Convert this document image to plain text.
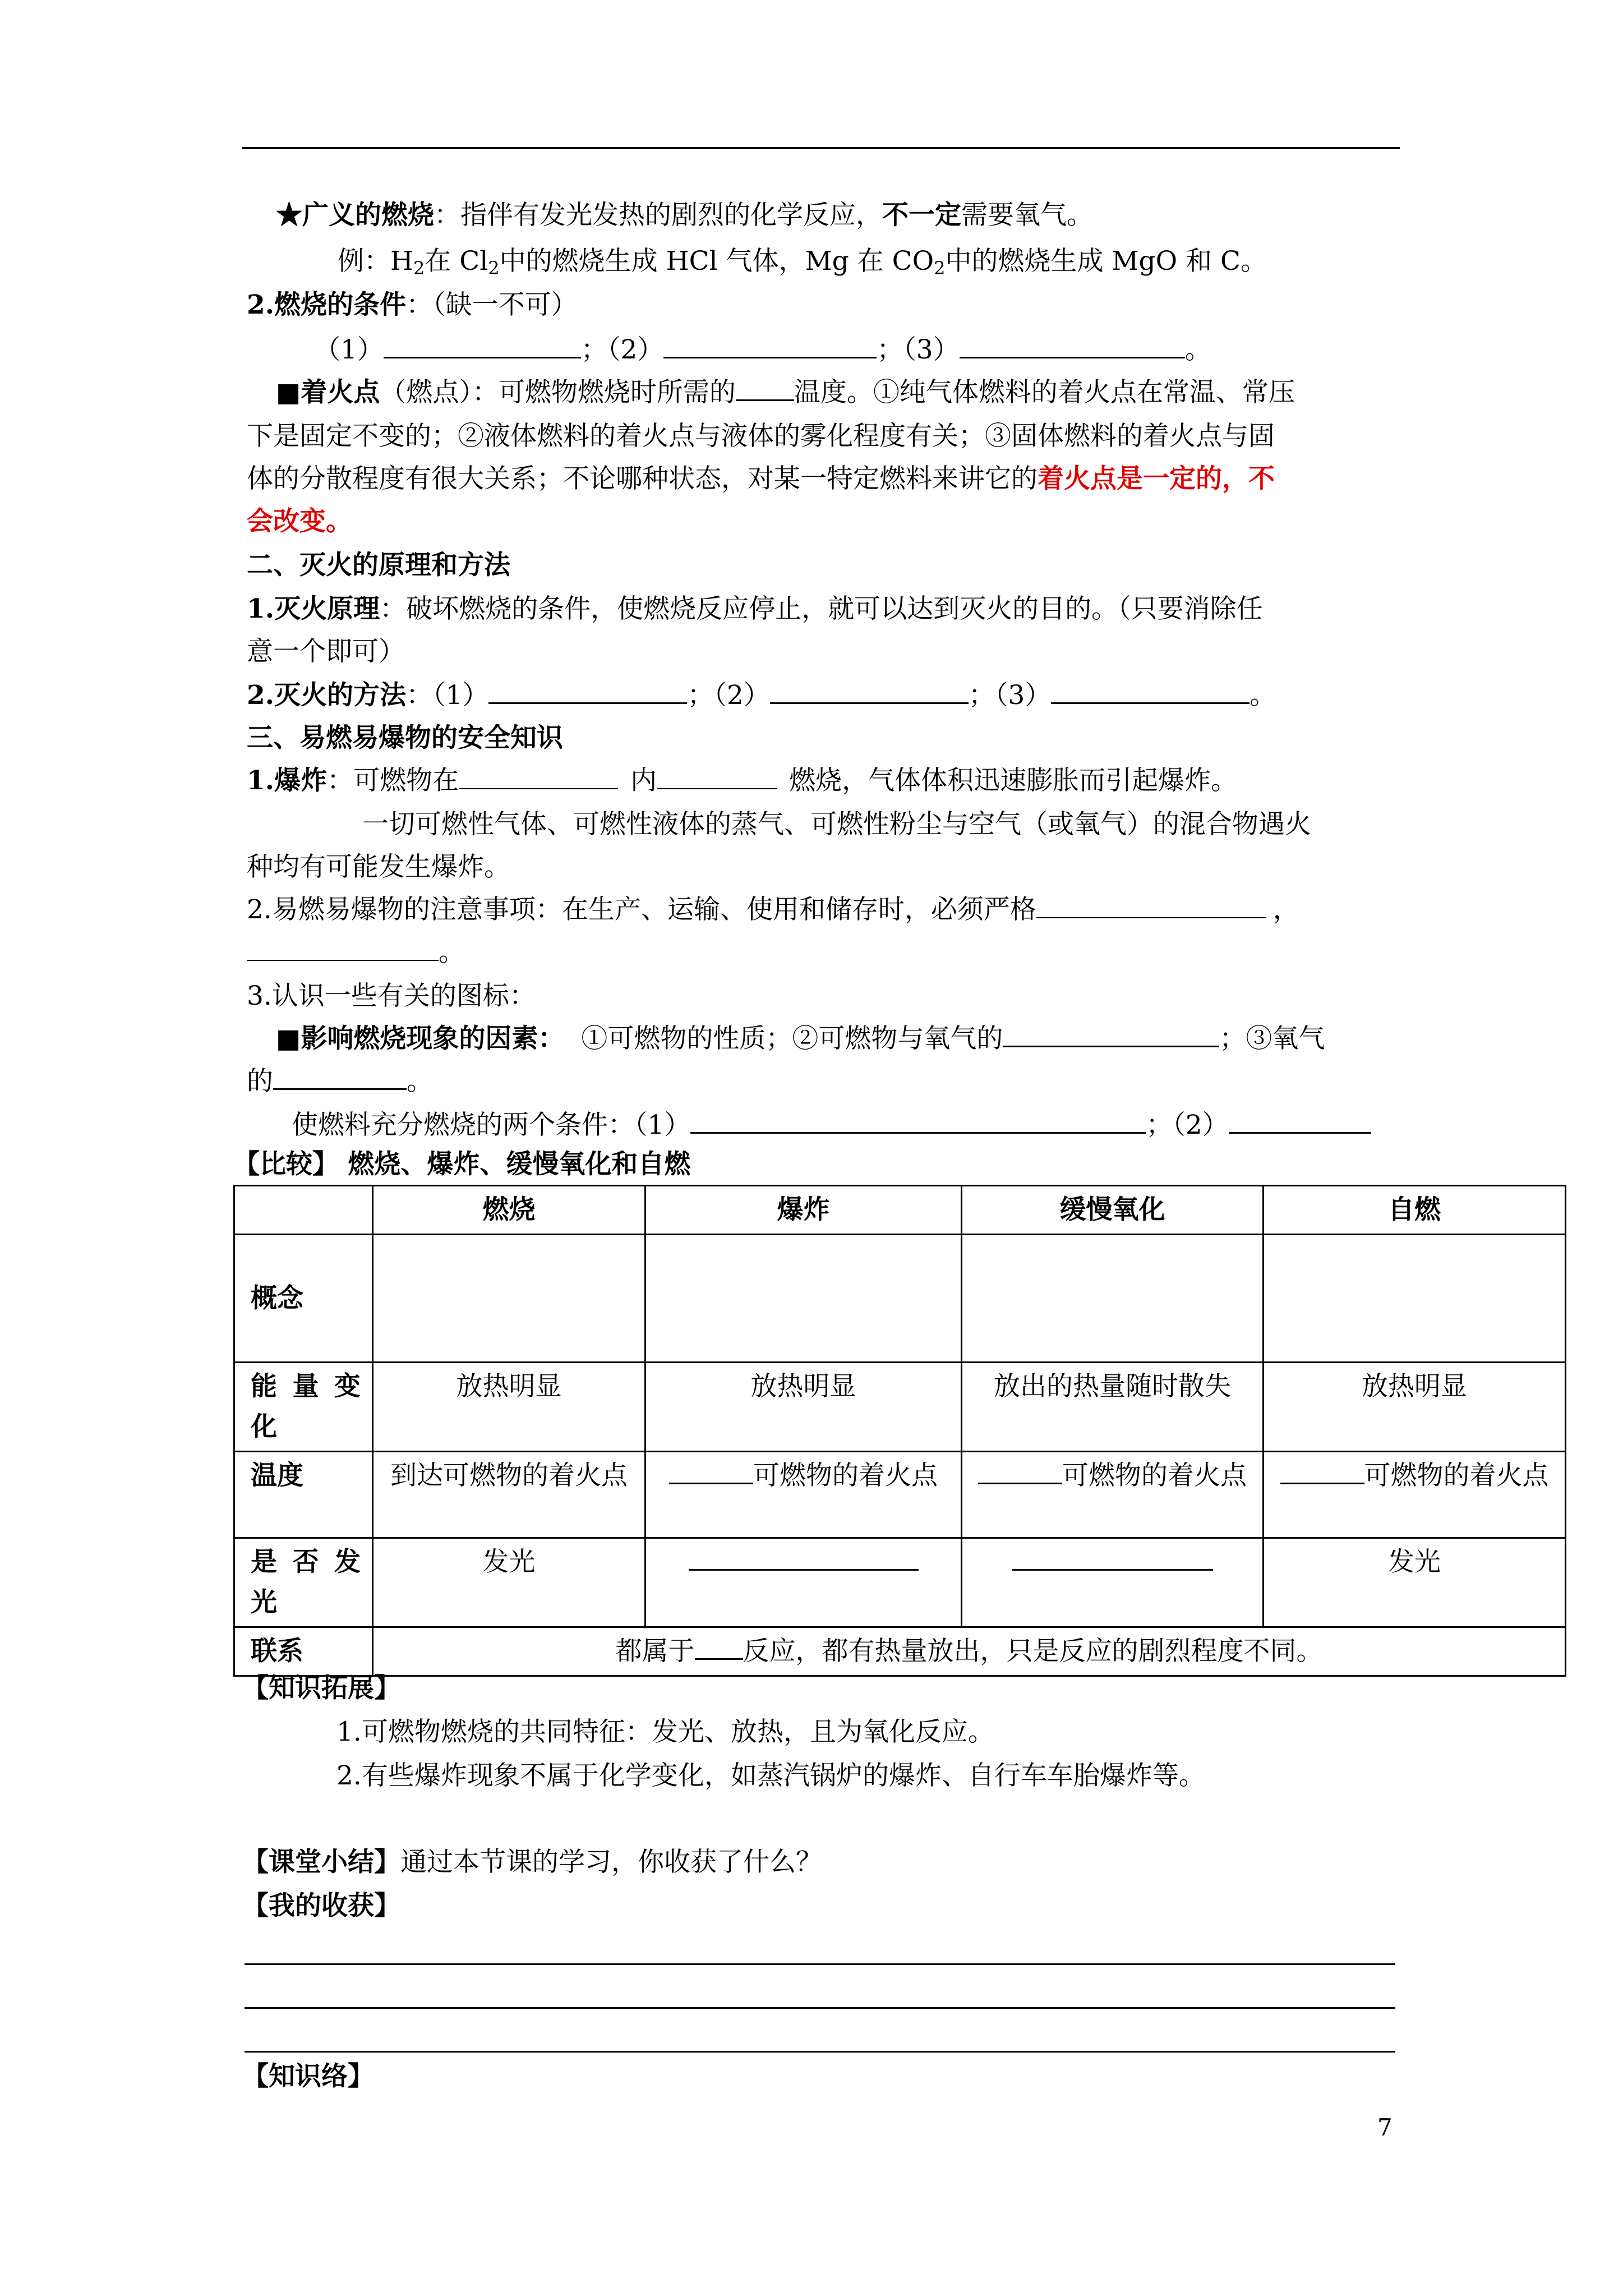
★广义的燃烧：指伴有发光发热的剧烈的化学反应，不一定需要氧气。
例：$H_2$在 $Cl_2$中的燃烧生成 HCl 气体，Mg 在 $CO_2$中的燃烧生成 MgO 和 C。
2.燃烧的条件：（缺一不可）
（1）	；（2）	；（3）	。
■着火点（燃点）：可燃物燃烧时所需的 温度。①纯气体燃料的着火点在常温、常压
下是固定不变的；②液体燃料的着火点与液体的雾化程度有关；③固体燃料的着火点与固
体的分散程度有很大关系；不论哪种状态，对某一特定燃料来讲它的着火点是一定的，不
会改变。
二、灭火的原理和方法
1.灭火原理：破坏燃烧的条件，使燃烧反应停止，就可以达到灭火的目的。（只要消除任
意一个即可）
2.灭火的方法：（1）	；（2）	；（3）	。
三、易燃易爆物的安全知识
1.爆炸：可燃物在	内	燃烧，气体体积迅速膨胀而引起爆炸。
一切可燃性气体、可燃性液体的蒸气、可燃性粉尘与空气（或氧气）的混合物遇火
种均有可能发生爆炸。
2.易燃易爆物的注意事项：在生产、运输、使用和储存时，必须严格	，
。
3.认识一些有关的图标：
■影响燃烧现象的因素： ①可燃物的性质；②可燃物与氧气的	；③氧气
的	。
使燃料充分燃烧的两个条件：（1）	；（2）
【比较】 燃烧、爆炸、缓慢氧化和自燃
	燃烧	爆炸	缓慢氧化	自燃
概念				
能 量 变 化	放热明显	放热明显	放出的热量随时散失	放热明显
温度	到达可燃物的着火点	可燃物的着火点	可燃物的着火点	可燃物的着火点
是 否 发 光	发光			发光
联系	都属于 反应，都有热量放出，只是反应的剧烈程度不同。			
【知识拓展】
1.可燃物燃烧的共同特征：发光、放热，且为氧化反应。
2.有些爆炸现象不属于化学变化，如蒸汽锅炉的爆炸、自行车车胎爆炸等。
【课堂小结】通过本节课的学习，你收获了什么？
【我的收获】
【知识络】
7
